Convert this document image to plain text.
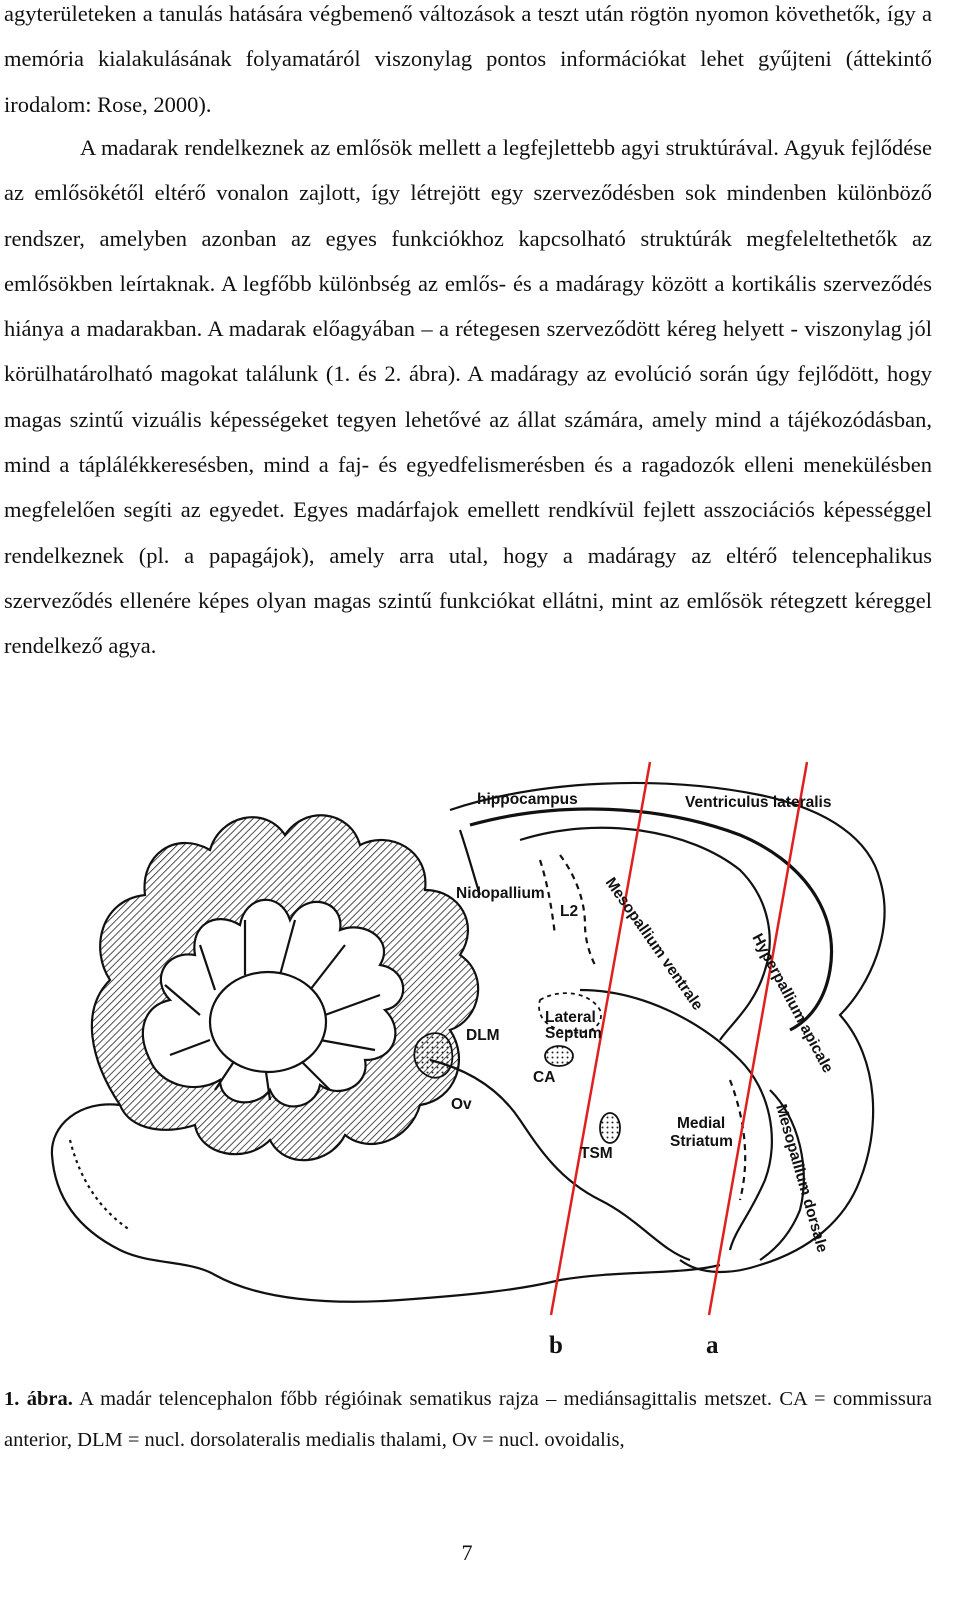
agyterületeken a tanulás hatására végbemenő változások a teszt után rögtön nyomon követhetők, így a memória kialakulásának folyamatáról viszonylag pontos információkat lehet gyűjteni (áttekintő irodalom: Rose, 2000).

A madarak rendelkeznek az emlősök mellett a legfejlettebb agyi struktúrával. Agyuk fejlődése az emlősökétől eltérő vonalon zajlott, így létrejött egy szerveződésben sok mindenben különböző rendszer, amelyben azonban az egyes funkciókhoz kapcsolható struktúrák megfeleltethetők az emlősökben leírtaknak. A legfőbb különbség az emlős- és a madáragy között a kortikális szerveződés hiánya a madarakban. A madarak előagyában – a rétegesen szerveződött kéreg helyett - viszonylag jól körülhatárolható magokat találunk (1. és 2. ábra). A madáragy az evolúció során úgy fejlődött, hogy magas szintű vizuális képességeket tegyen lehetővé az állat számára, amely mind a tájékozódásban, mind a táplálékkeresésben, mind a faj- és egyedfelismerésben és a ragadozók elleni menekülésben megfelelően segíti az egyedet. Egyes madárfajok emellett rendkívül fejlett asszociációs képességgel rendelkeznek (pl. a papagájok), amely arra utal, hogy a madáragy az eltérő telencephalikus szerveződés ellenére képes olyan magas szintű funkciókat ellátni, mint az emlősök rétegzett kéreggel rendelkező agya.

hippocampus	Ventriculus lateralis
Nidopallium
L2 Mesopallium ventrale	Hyperpallium apicale
DLM
Lateral
Septum
CA
Ov
TSM
Medial
Striatum	Mesopallium dorsale
b	a

1. ábra. A madár telencephalon főbb régióinak sematikus rajza – mediánsagittalis metszet. CA = commissura anterior, DLM = nucl. dorsolateralis medialis thalami, Ov = nucl. ovoidalis,

7
